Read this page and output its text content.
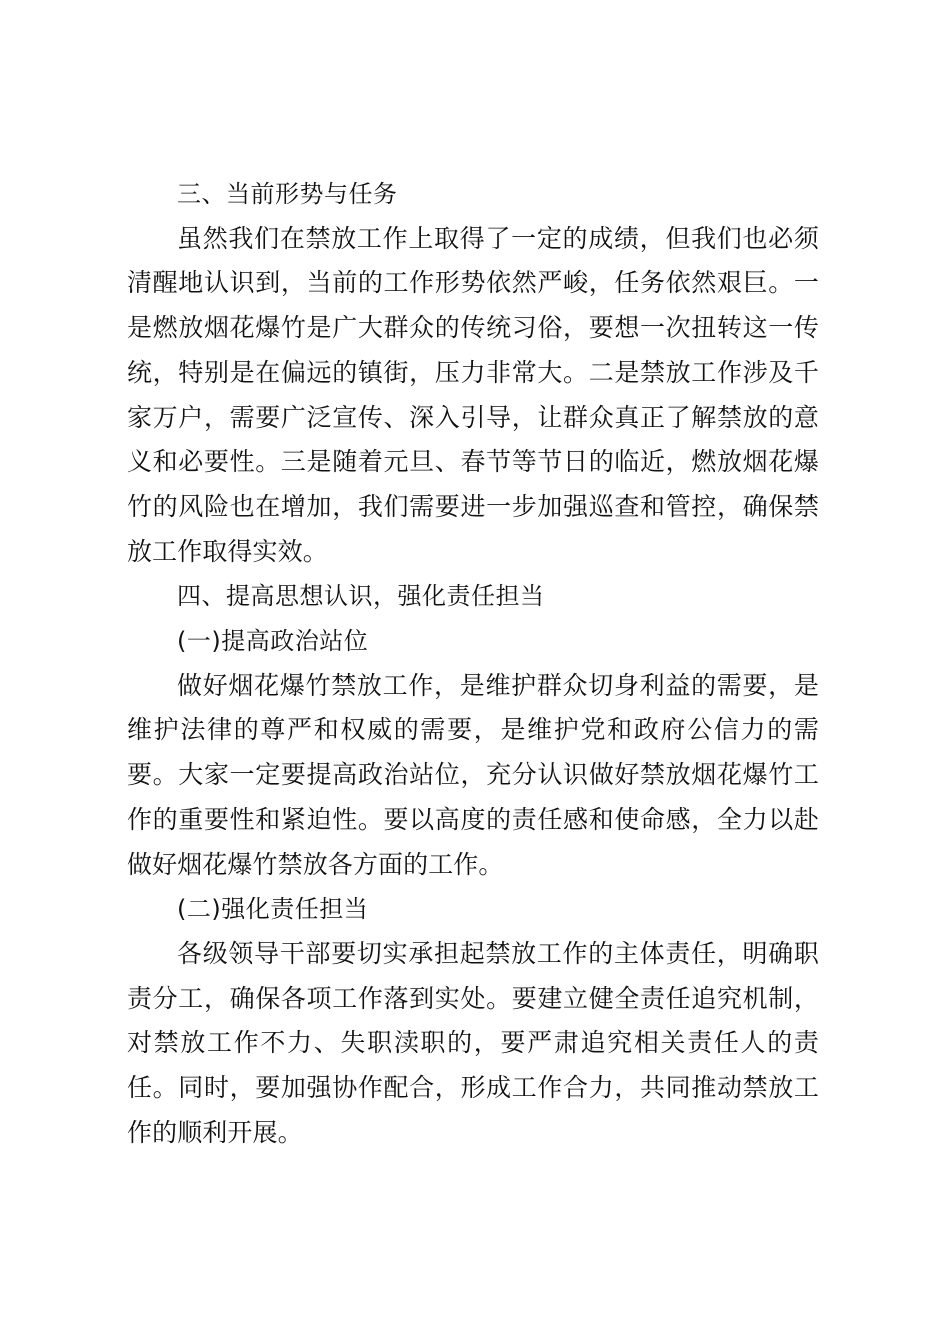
三、当前形势与任务

虽然我们在禁放工作上取得了一定的成绩，但我们也必须清醒地认识到，当前的工作形势依然严峻，任务依然艰巨。一是燃放烟花爆竹是广大群众的传统习俗，要想一次扭转这一传统，特别是在偏远的镇街，压力非常大。二是禁放工作涉及千家万户，需要广泛宣传、深入引导，让群众真正了解禁放的意义和必要性。三是随着元旦、春节等节日的临近，燃放烟花爆竹的风险也在增加，我们需要进一步加强巡查和管控，确保禁放工作取得实效。

四、提高思想认识，强化责任担当

(一)提高政治站位

做好烟花爆竹禁放工作，是维护群众切身利益的需要，是维护法律的尊严和权威的需要，是维护党和政府公信力的需要。大家一定要提高政治站位，充分认识做好禁放烟花爆竹工作的重要性和紧迫性。要以高度的责任感和使命感，全力以赴做好烟花爆竹禁放各方面的工作。

(二)强化责任担当

各级领导干部要切实承担起禁放工作的主体责任，明确职责分工，确保各项工作落到实处。要建立健全责任追究机制，对禁放工作不力、失职渎职的，要严肃追究相关责任人的责任。同时，要加强协作配合，形成工作合力，共同推动禁放工作的顺利开展。
